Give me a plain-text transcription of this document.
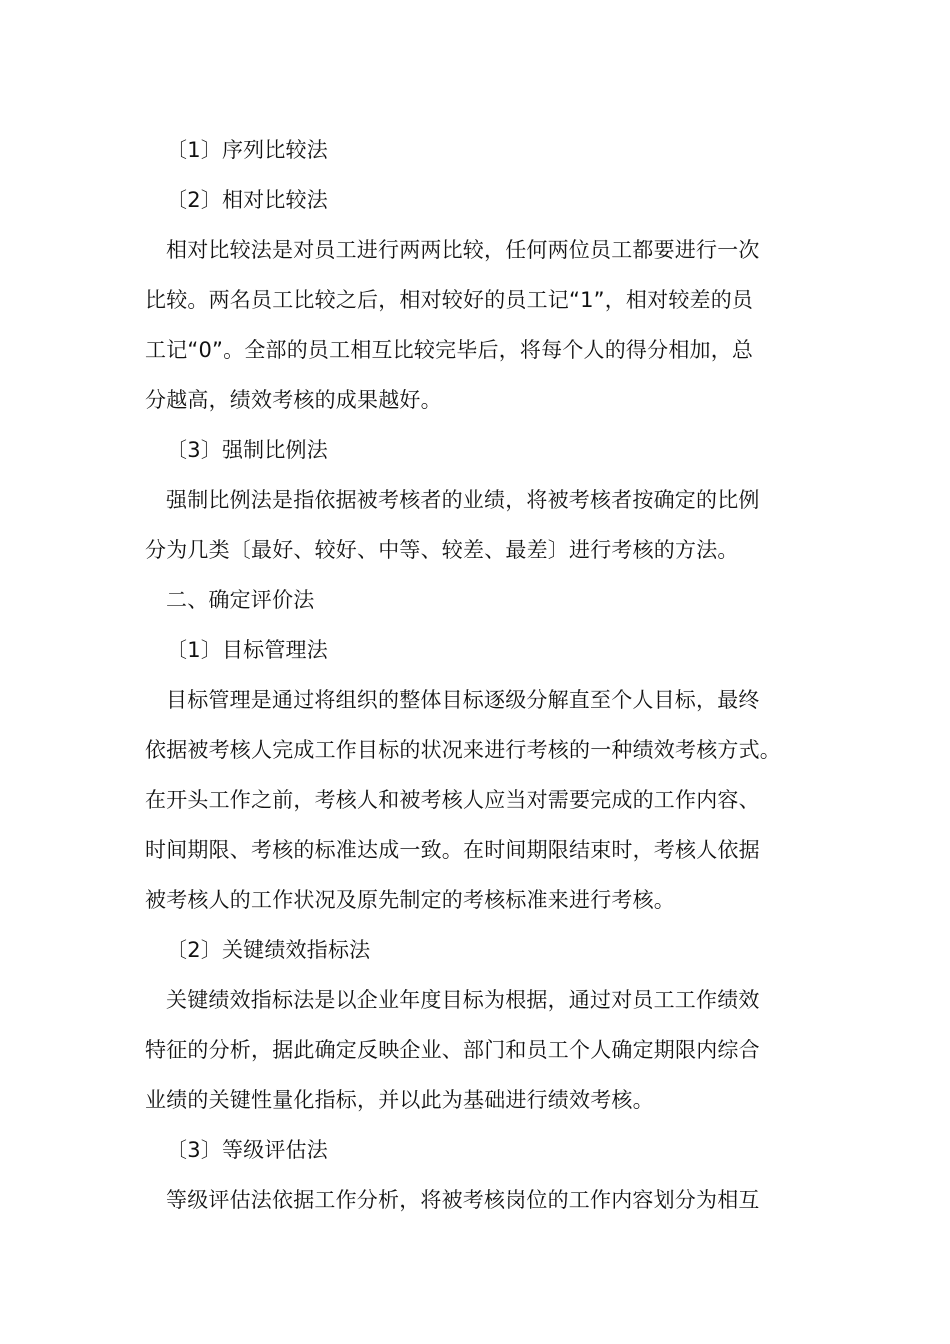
〔1〕序列比较法
〔2〕相对比较法
相对比较法是对员工进行两两比较，任何两位员工都要进行一次
比较。两名员工比较之后，相对较好的员工记“1”，相对较差的员
工记“0”。全部的员工相互比较完毕后，将每个人的得分相加，总
分越高，绩效考核的成果越好。
〔3〕强制比例法
强制比例法是指依据被考核者的业绩，将被考核者按确定的比例
分为几类〔最好、较好、中等、较差、最差〕进行考核的方法。
二、确定评价法
〔1〕目标管理法
目标管理是通过将组织的整体目标逐级分解直至个人目标，最终
依据被考核人完成工作目标的状况来进行考核的一种绩效考核方式。
在开头工作之前，考核人和被考核人应当对需要完成的工作内容、
时间期限、考核的标准达成一致。在时间期限结束时，考核人依据
被考核人的工作状况及原先制定的考核标准来进行考核。
〔2〕关键绩效指标法
关键绩效指标法是以企业年度目标为根据，通过对员工工作绩效
特征的分析，据此确定反映企业、部门和员工个人确定期限内综合
业绩的关键性量化指标，并以此为基础进行绩效考核。
〔3〕等级评估法
等级评估法依据工作分析，将被考核岗位的工作内容划分为相互
